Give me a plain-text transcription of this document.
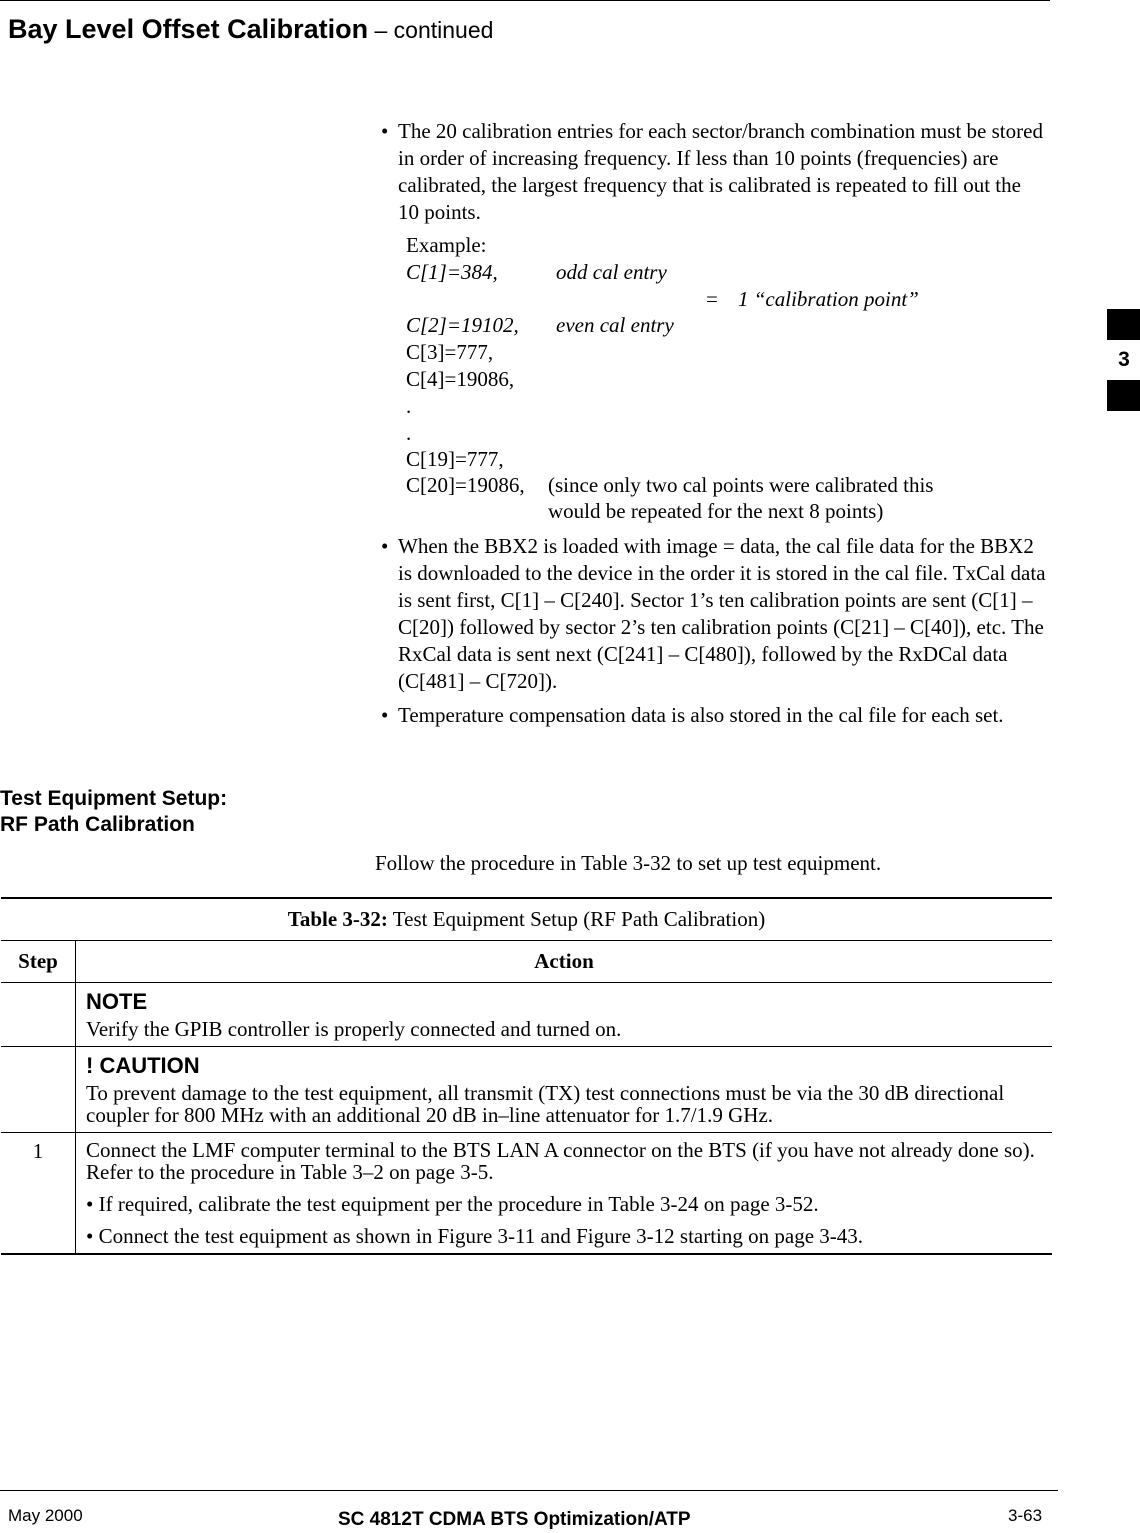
Bay Level Offset Calibration – continued
• The 20 calibration entries for each sector/branch combination must be stored in order of increasing frequency. If less than 10 points (frequencies) are calibrated, the largest frequency that is calibrated is repeated to fill out the 10 points.
Example:
C[1]=384,	odd cal entry
= 1 “calibration point”
C[2]=19102, even cal entry
C[3]=777,
C[4]=19086,
.
.
C[19]=777,
C[20]=19086, (since only two cal points were calibrated this
would be repeated for the next 8 points)
• When the BBX2 is loaded with image = data, the cal file data for the BBX2 is downloaded to the device in the order it is stored in the cal file. TxCal data is sent first, C[1] – C[240]. Sector 1’s ten calibration points are sent (C[1] – C[20]) followed by sector 2’s ten calibration points (C[21] – C[40]), etc. The RxCal data is sent next (C[241] – C[480]), followed by the RxDCal data (C[481] – C[720]).
• Temperature compensation data is also stored in the cal file for each set.
Test Equipment Setup:
RF Path Calibration
Follow the procedure in Table 3-32 to set up test equipment.
Table 3-32: Test Equipment Setup (RF Path Calibration)	
Step	Action

	NOTE
Verify the GPIB controller is properly connected and turned on.

	! CAUTION
To prevent damage to the test equipment, all transmit (TX) test connections must be via the 30 dB directional coupler for 800 MHz with an additional 20 dB in–line attenuator for 1.7/1.9 GHz.

1	Connect the LMF computer terminal to the BTS LAN A connector on the BTS (if you have not already done so). Refer to the procedure in Table 3–2 on page 3-5.
• If required, calibrate the test equipment per the procedure in Table 3-24 on page 3-52.
• Connect the test equipment as shown in Figure 3-11 and Figure 3-12 starting on page 3-43.
3
May 2000	SC 4812T CDMA BTS Optimization/ATP	3-63
